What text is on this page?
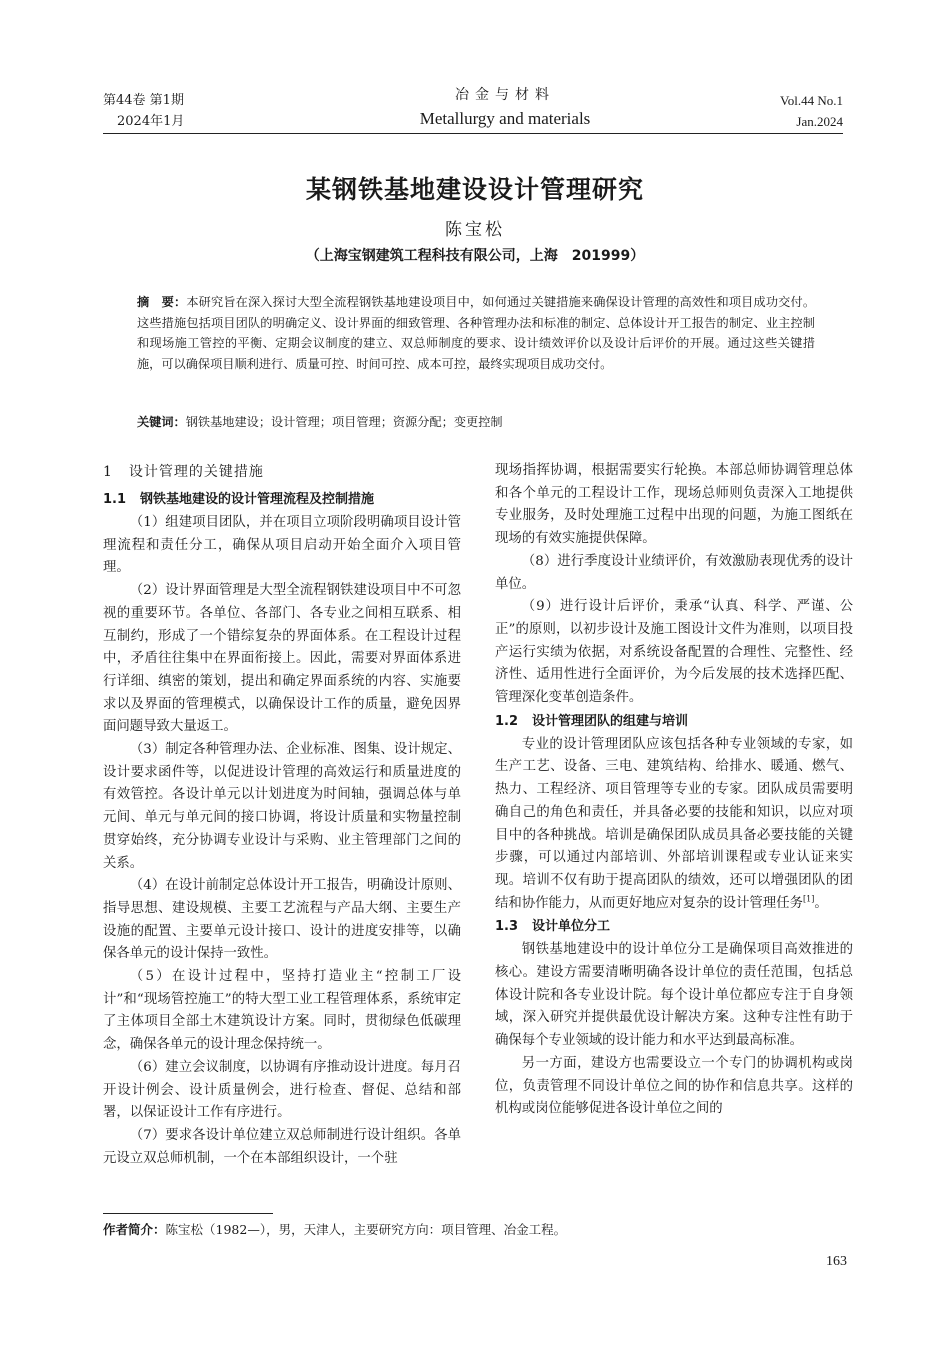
第44卷 第1期
2024年1月
冶金与材料
Metallurgy and materials
Vol.44 No.1
Jan.2024
某钢铁基地建设设计管理研究
陈宝松
（上海宝钢建筑工程科技有限公司，上海　201999）
摘　要：本研究旨在深入探讨大型全流程钢铁基地建设项目中，如何通过关键措施来确保设计管理的高效性和项目成功交付。这些措施包括项目团队的明确定义、设计界面的细致管理、各种管理办法和标准的制定、总体设计开工报告的制定、业主控制和现场施工管控的平衡、定期会议制度的建立、双总师制度的要求、设计绩效评价以及设计后评价的开展。通过这些关键措施，可以确保项目顺利进行、质量可控、时间可控、成本可控，最终实现项目成功交付。
关键词：钢铁基地建设；设计管理；项目管理；资源分配；变更控制
1 设计管理的关键措施
1.1 钢铁基地建设的设计管理流程及控制措施

（1）组建项目团队，并在项目立项阶段明确项目设计管理流程和责任分工，确保从项目启动开始全面介入项目管理。

（2）设计界面管理是大型全流程钢铁建设项目中不可忽视的重要环节。各单位、各部门、各专业之间相互联系、相互制约，形成了一个错综复杂的界面体系。在工程设计过程中，矛盾往往集中在界面衔接上。因此，需要对界面体系进行详细、缜密的策划，提出和确定界面系统的内容、实施要求以及界面的管理模式，以确保设计工作的质量，避免因界面问题导致大量返工。

（3）制定各种管理办法、企业标准、图集、设计规定、设计要求函件等，以促进设计管理的高效运行和质量进度的有效管控。各设计单元以计划进度为时间轴，强调总体与单元间、单元与单元间的接口协调，将设计质量和实物量控制贯穿始终，充分协调专业设计与采购、业主管理部门之间的关系。

（4）在设计前制定总体设计开工报告，明确设计原则、指导思想、建设规模、主要工艺流程与产品大纲、主要生产设施的配置、主要单元设计接口、设计的进度安排等，以确保各单元的设计保持一致性。

（5）在设计过程中，坚持打造业主“控制工厂设计”和“现场管控施工”的特大型工业工程管理体系，系统审定了主体项目全部土木建筑设计方案。同时，贯彻绿色低碳理念，确保各单元的设计理念保持统一。

（6）建立会议制度，以协调有序推动设计进度。每月召开设计例会、设计质量例会，进行检查、督促、总结和部署，以保证设计工作有序进行。

（7）要求各设计单位建立双总师制进行设计组织。各单元设立双总师机制，一个在本部组织设计，一个驻

现场指挥协调，根据需要实行轮换。本部总师协调管理总体和各个单元的工程设计工作，现场总师则负责深入工地提供专业服务，及时处理施工过程中出现的问题，为施工图纸在现场的有效实施提供保障。

（8）进行季度设计业绩评价，有效激励表现优秀的设计单位。

（9）进行设计后评价，秉承“认真、科学、严谨、公正”的原则，以初步设计及施工图设计文件为准则，以项目投产运行实绩为依据，对系统设备配置的合理性、完整性、经济性、适用性进行全面评价，为今后发展的技术选择匹配、管理深化变革创造条件。

1.2 设计管理团队的组建与培训

专业的设计管理团队应该包括各种专业领域的专家，如生产工艺、设备、三电、建筑结构、给排水、暖通、燃气、热力、工程经济、项目管理等专业的专家。团队成员需要明确自己的角色和责任，并具备必要的技能和知识，以应对项目中的各种挑战。培训是确保团队成员具备必要技能的关键步骤，可以通过内部培训、外部培训课程或专业认证来实现。培训不仅有助于提高团队的绩效，还可以增强团队的团结和协作能力，从而更好地应对复杂的设计管理任务[1]。

1.3 设计单位分工

钢铁基地建设中的设计单位分工是确保项目高效推进的核心。建设方需要清晰明确各设计单位的责任范围，包括总体设计院和各专业设计院。每个设计单位都应专注于自身领域，深入研究并提供最优设计解决方案。这种专注性有助于确保每个专业领域的设计能力和水平达到最高标准。

另一方面，建设方也需要设立一个专门的协调机构或岗位，负责管理不同设计单位之间的协作和信息共享。这样的机构或岗位能够促进各设计单位之间的

作者简介：陈宝松（1982—），男，天津人，主要研究方向：项目管理、冶金工程。
163
